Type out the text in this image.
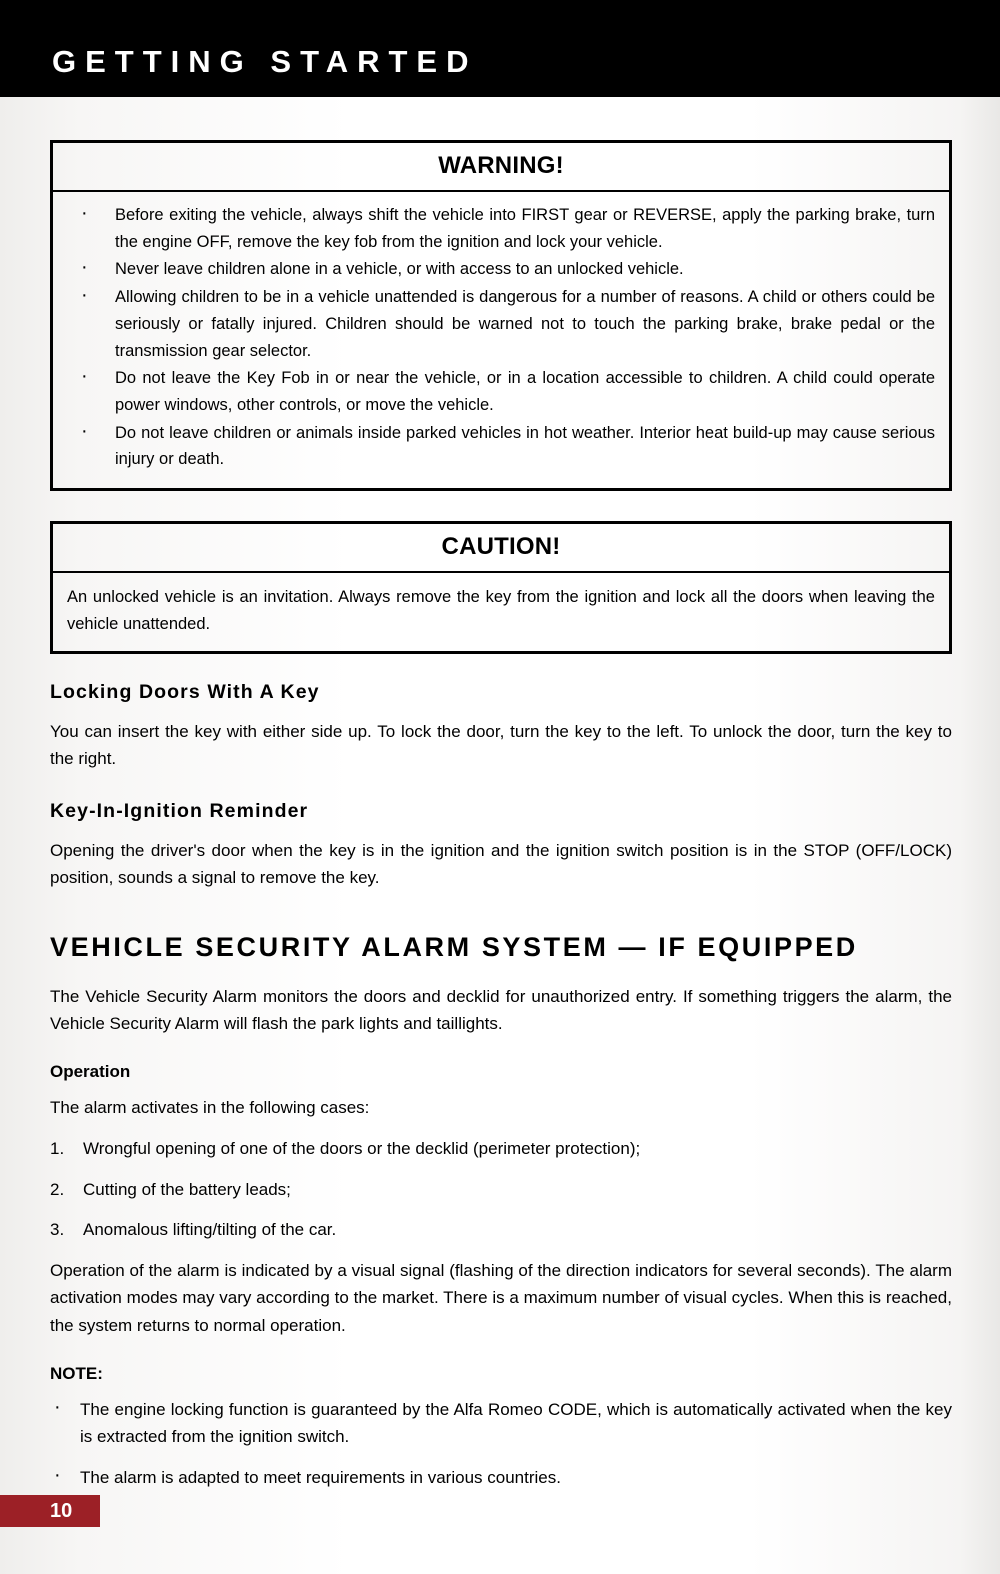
GETTING STARTED
WARNING!
· Before exiting the vehicle, always shift the vehicle into FIRST gear or REVERSE, apply the parking brake, turn the engine OFF, remove the key fob from the ignition and lock your vehicle.
· Never leave children alone in a vehicle, or with access to an unlocked vehicle.
· Allowing children to be in a vehicle unattended is dangerous for a number of reasons. A child or others could be seriously or fatally injured. Children should be warned not to touch the parking brake, brake pedal or the transmission gear selector.
· Do not leave the Key Fob in or near the vehicle, or in a location accessible to children. A child could operate power windows, other controls, or move the vehicle.
· Do not leave children or animals inside parked vehicles in hot weather. Interior heat build-up may cause serious injury or death.
CAUTION!
An unlocked vehicle is an invitation. Always remove the key from the ignition and lock all the doors when leaving the vehicle unattended.
Locking Doors With A Key

You can insert the key with either side up. To lock the door, turn the key to the left. To unlock the door, turn the key to the right.

Key-In-Ignition Reminder

Opening the driver's door when the key is in the ignition and the ignition switch position is in the STOP (OFF/LOCK) position, sounds a signal to remove the key.

VEHICLE SECURITY ALARM SYSTEM — IF EQUIPPED

The Vehicle Security Alarm monitors the doors and decklid for unauthorized entry. If something triggers the alarm, the Vehicle Security Alarm will flash the park lights and taillights.

Operation

The alarm activates in the following cases:

1. Wrongful opening of one of the doors or the decklid (perimeter protection);
2. Cutting of the battery leads;
3. Anomalous lifting/tilting of the car.

Operation of the alarm is indicated by a visual signal (flashing of the direction indicators for several seconds). The alarm activation modes may vary according to the market. There is a maximum number of visual cycles. When this is reached, the system returns to normal operation.

NOTE:
· The engine locking function is guaranteed by the Alfa Romeo CODE, which is automatically activated when the key is extracted from the ignition switch.
· The alarm is adapted to meet requirements in various countries.
10
